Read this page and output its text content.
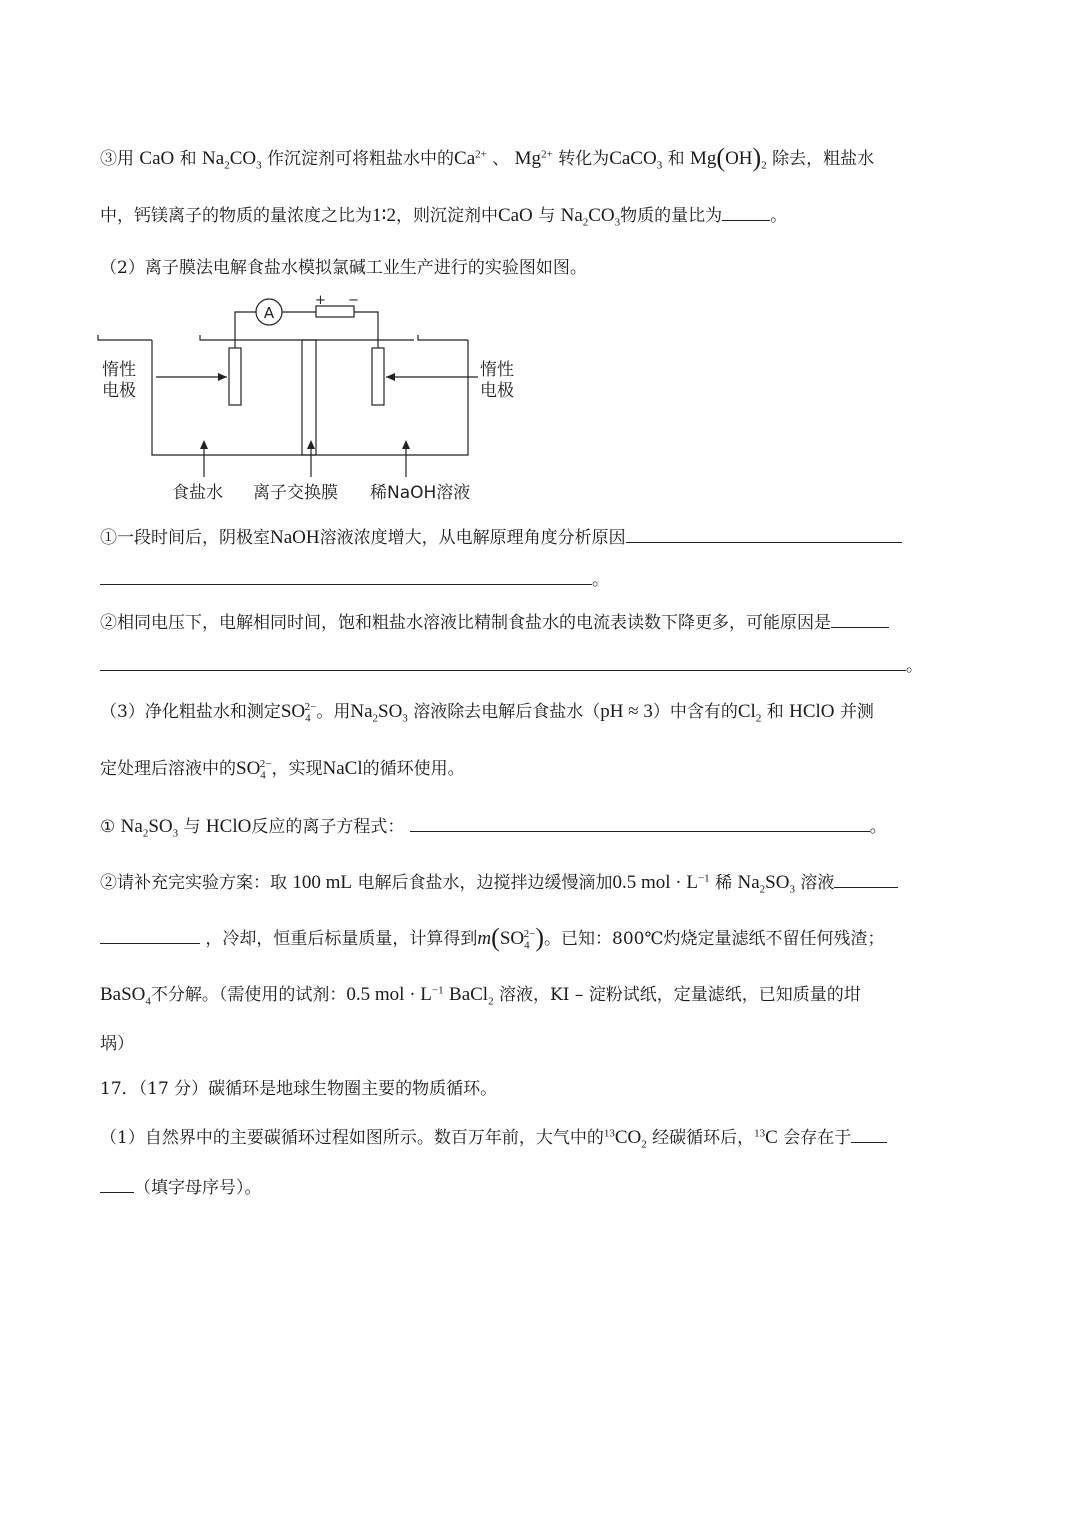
③用 CaO 和 $Na_2CO_3$ 作沉淀剂可将粗盐水中的$Ca^{2+}$ 、 $Mg^{2+}$ 转化为CaCO$_3$ 和 $Mg(OH)_2$ 除去，粗盐水
中，钙镁离子的物质的量浓度之比为1∶2，则沉淀剂中CaO 与 $Na_2CO_3$物质的量比为	。
（2）离子膜法电解食盐水模拟氯碱工业生产进行的实验图如图。
A
+ −
惰性
电极
惰性
电极
食盐水 离子交换膜 稀NaOH溶液
①一段时间后，阴极室NaOH溶液浓度增大，从电解原理角度分析原因
。
②相同电压下，电解相同时间，饱和粗盐水溶液比精制食盐水的电流表读数下降更多，可能原因是
。
（3）净化粗盐水和测定$SO_4^{2-}$。用$Na_2SO_3$ 溶液除去电解后食盐水（pH ≈ 3）中含有的$Cl_2$ 和 HClO 并测
定处理后溶液中的$SO_4^{2-}$，实现NaCl的循环使用。
① $Na_2SO_3$ 与 HClO反应的离子方程式：	。
②请补充完实验方案：取 100 mL 电解后食盐水，边搅拌边缓慢滴加0.5 mol · $L^{-1}$ 稀 $Na_2SO_3$ 溶液
，冷却，恒重后标量质量，计算得到$m(SO_4^{2-})$。已知：800℃灼烧定量滤纸不留任何残渣；
BaSO$_4$不分解。（需使用的试剂：0.5 mol · $L^{-1}$ BaCl$_2$ 溶液，KI – 淀粉试纸，定量滤纸，已知质量的坩
埚）
17．（17 分）碳循环是地球生物圈主要的物质循环。
（1）自然界中的主要碳循环过程如图所示。数百万年前，大气中的$^{13}CO_2$ 经碳循环后，$^{13}$C 会存在于
（填字母序号）。
